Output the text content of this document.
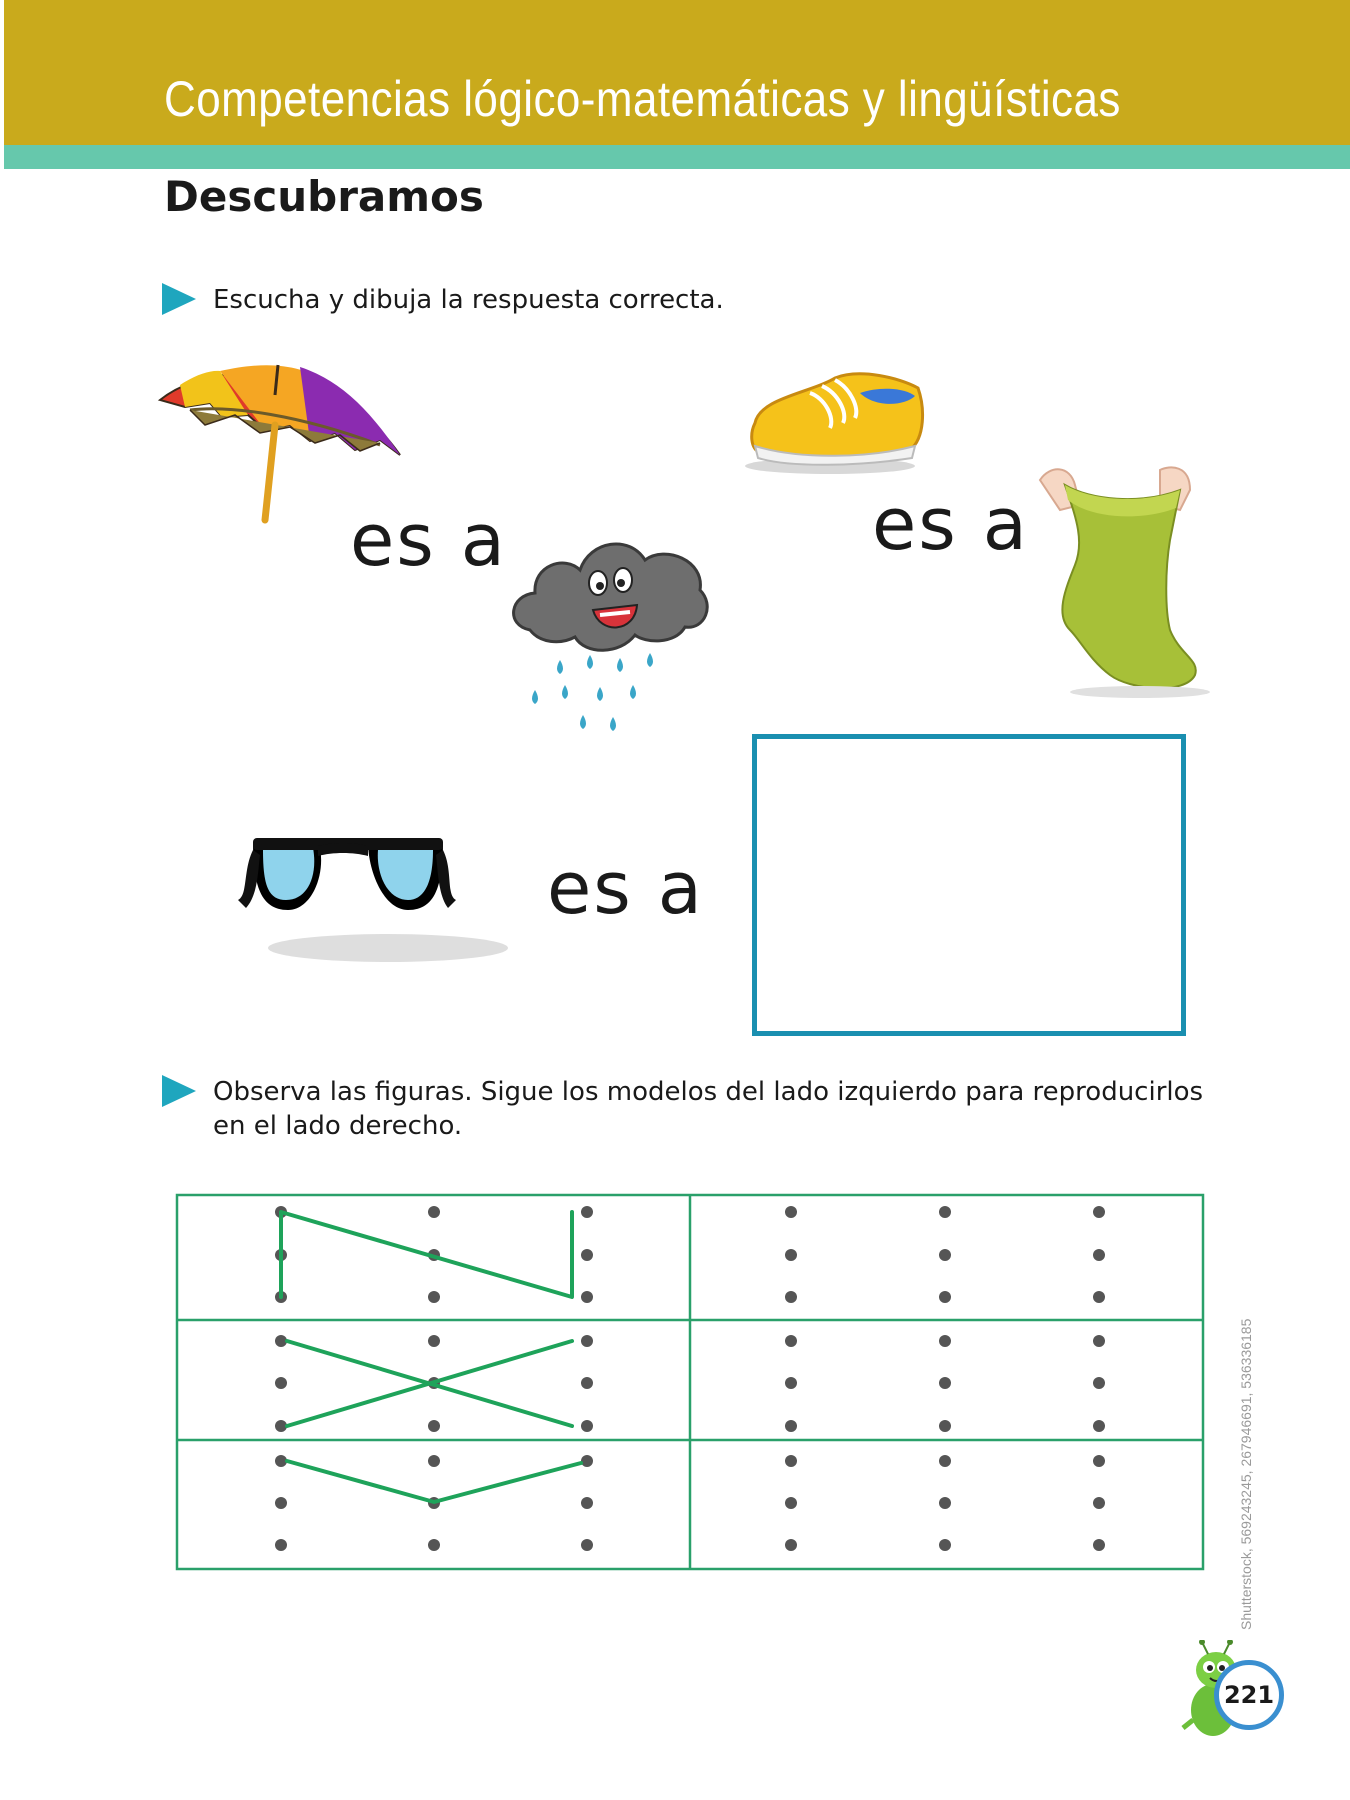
Competencias lógico-matemáticas y lingüísticas
Descubramos
Escucha y dibuja la respuesta correcta.
es a	es a
es a
Observa las figuras. Sigue los modelos del lado izquierdo para reproducirlos
en el lado derecho.
Shutterstock, 569243245, 267946691, 536336185
221
